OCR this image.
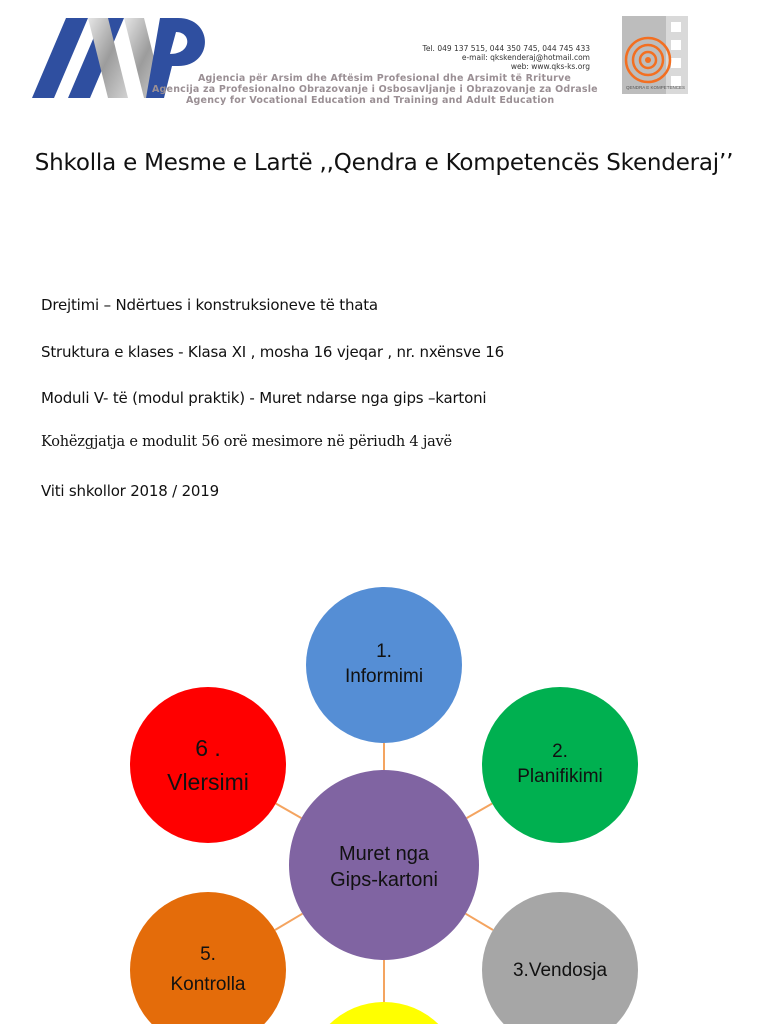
Agjencia për Arsim dhe Aftësim Profesional dhe Arsimit të Rriturve
Agencija za Profesionalno Obrazovanje i Osbosavljanje i Obrazovanje za Odrasle
Agency for Vocational Education and Training and Adult Education
Tel. 049 137 515, 044 350 745, 044 745 433
e-mail: qkskenderaj@hotmail.com
web: www.qks-ks.org
QENDRA E KOMPETENCES
Shkolla e Mesme e Lartë ,,Qendra e Kompetencës Skenderaj’’
Drejtimi – Ndërtues i konstruksioneve të thata
Struktura e klases - Klasa XI , mosha 16 vjeqar , nr. nxënsve 16
Moduli V- të (modul praktik) - Muret ndarse nga gips –kartoni
Kohëzgjatja e modulit 56 orë mesimore në përiudh 4 javë
Viti shkollor 2018 / 2019
1.
Informimi
2.
Planifikimi
3.Vendosja
5.
Kontrolla
6 .
Vlersimi
Muret nga
Gips-kartoni
